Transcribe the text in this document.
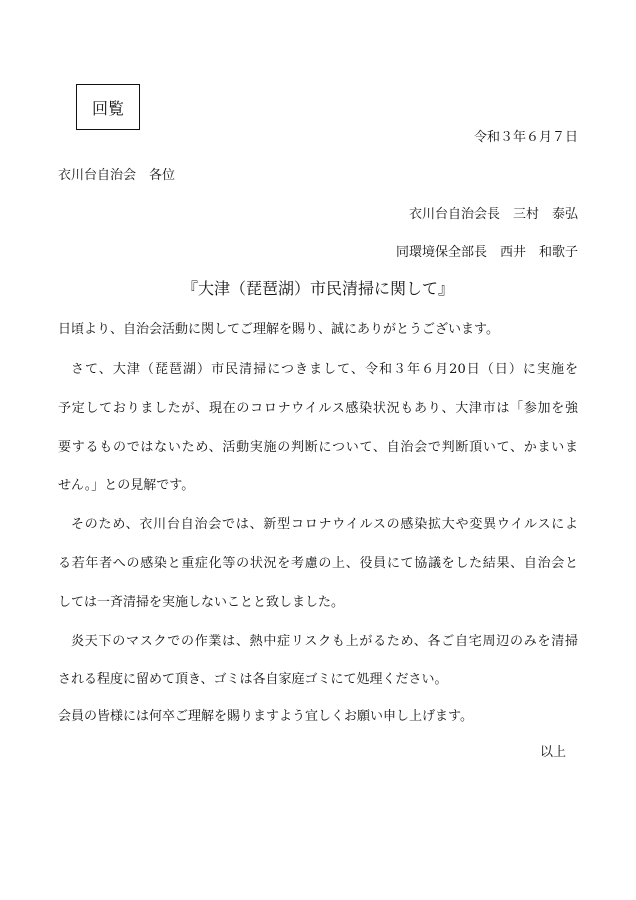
回覧
令和３年６月７日
衣川台自治会　各位
衣川台自治会長　三村　泰弘
同環境保全部長　西井　和歌子
『大津（琵琶湖）市民清掃に関して』
日頃より、自治会活動に関してご理解を賜り、誠にありがとうございます。
さて、大津（琵琶湖）市民清掃につきまして、令和３年６月20日（日）に実施を
予定しておりましたが、現在のコロナウイルス感染状況もあり、大津市は「参加を強
要するものではないため、活動実施の判断について、自治会で判断頂いて、かまいま
せん。」との見解です。
そのため、衣川台自治会では、新型コロナウイルスの感染拡大や変異ウイルスによ
る若年者への感染と重症化等の状況を考慮の上、役員にて協議をした結果、自治会と
しては一斉清掃を実施しないことと致しました。
炎天下のマスクでの作業は、熱中症リスクも上がるため、各ご自宅周辺のみを清掃
される程度に留めて頂き、ゴミは各自家庭ゴミにて処理ください。
会員の皆様には何卒ご理解を賜りますよう宜しくお願い申し上げます。
以上
